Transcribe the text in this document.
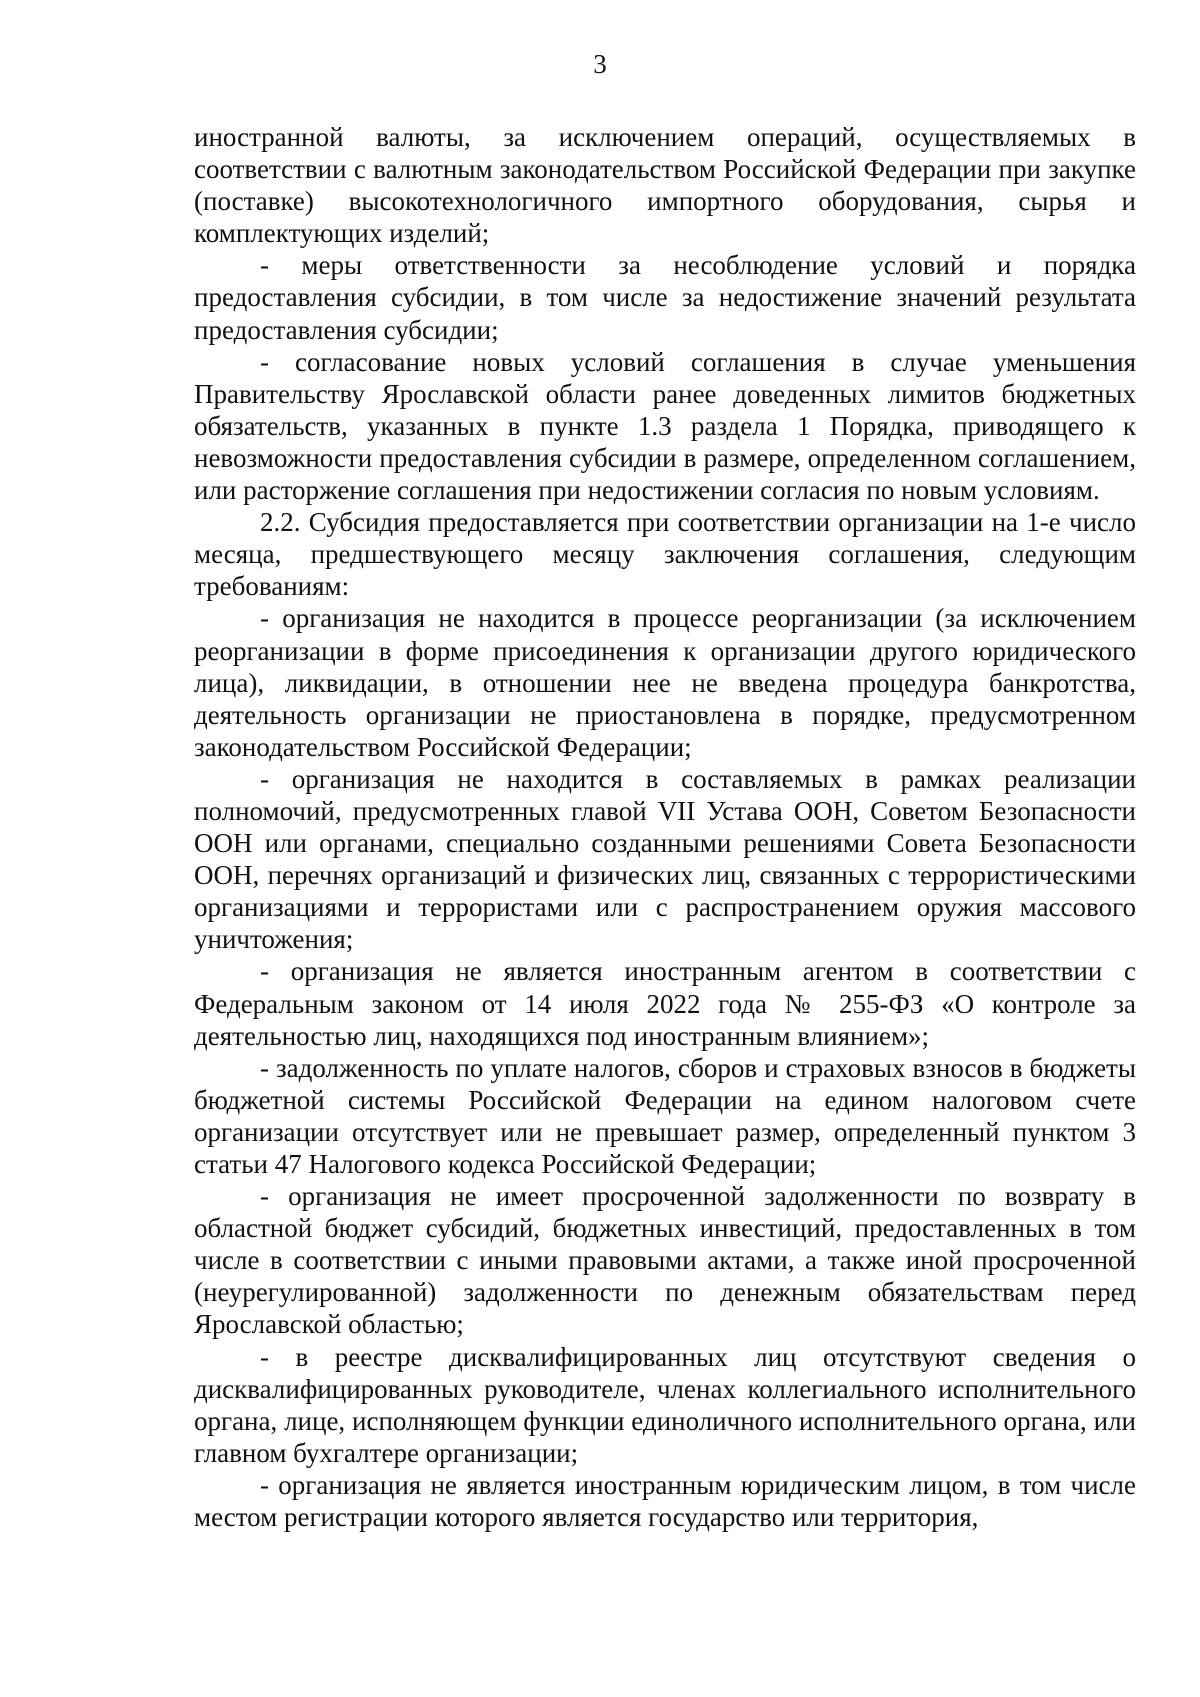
3

иностранной валюты, за исключением операций, осуществляемых в соответствии с валютным законодательством Российской Федерации при закупке (поставке) высокотехнологичного импортного оборудования, сырья и комплектующих изделий;

- меры ответственности за несоблюдение условий и порядка предоставления субсидии, в том числе за недостижение значений результата предоставления субсидии;

- согласование новых условий соглашения в случае уменьшения Правительству Ярославской области ранее доведенных лимитов бюджетных обязательств, указанных в пункте 1.3 раздела 1 Порядка, приводящего к невозможности предоставления субсидии в размере, определенном соглашением, или расторжение соглашения при недостижении согласия по новым условиям.

2.2. Субсидия предоставляется при соответствии организации на 1-е число месяца, предшествующего месяцу заключения соглашения, следующим требованиям:

- организация не находится в процессе реорганизации (за исключением реорганизации в форме присоединения к организации другого юридического лица), ликвидации, в отношении нее не введена процедура банкротства, деятельность организации не приостановлена в порядке, предусмотренном законодательством Российской Федерации;

- организация не находится в составляемых в рамках реализации полномочий, предусмотренных главой VII Устава ООН, Советом Безопасности ООН или органами, специально созданными решениями Совета Безопасности ООН, перечнях организаций и физических лиц, связанных с террористическими организациями и террористами или с распространением оружия массового уничтожения;

- организация не является иностранным агентом в соответствии с Федеральным законом от 14 июля 2022 года № 255-ФЗ «О контроле за деятельностью лиц, находящихся под иностранным влиянием»;

- задолженность по уплате налогов, сборов и страховых взносов в бюджеты бюджетной системы Российской Федерации на едином налоговом счете организации отсутствует или не превышает размер, определенный пунктом 3 статьи 47 Налогового кодекса Российской Федерации;

- организация не имеет просроченной задолженности по возврату в областной бюджет субсидий, бюджетных инвестиций, предоставленных в том числе в соответствии с иными правовыми актами, а также иной просроченной (неурегулированной) задолженности по денежным обязательствам перед Ярославской областью;

- в реестре дисквалифицированных лиц отсутствуют сведения о дисквалифицированных руководителе, членах коллегиального исполнительного органа, лице, исполняющем функции единоличного исполнительного органа, или главном бухгалтере организации;

- организация не является иностранным юридическим лицом, в том числе местом регистрации которого является государство или территория,
